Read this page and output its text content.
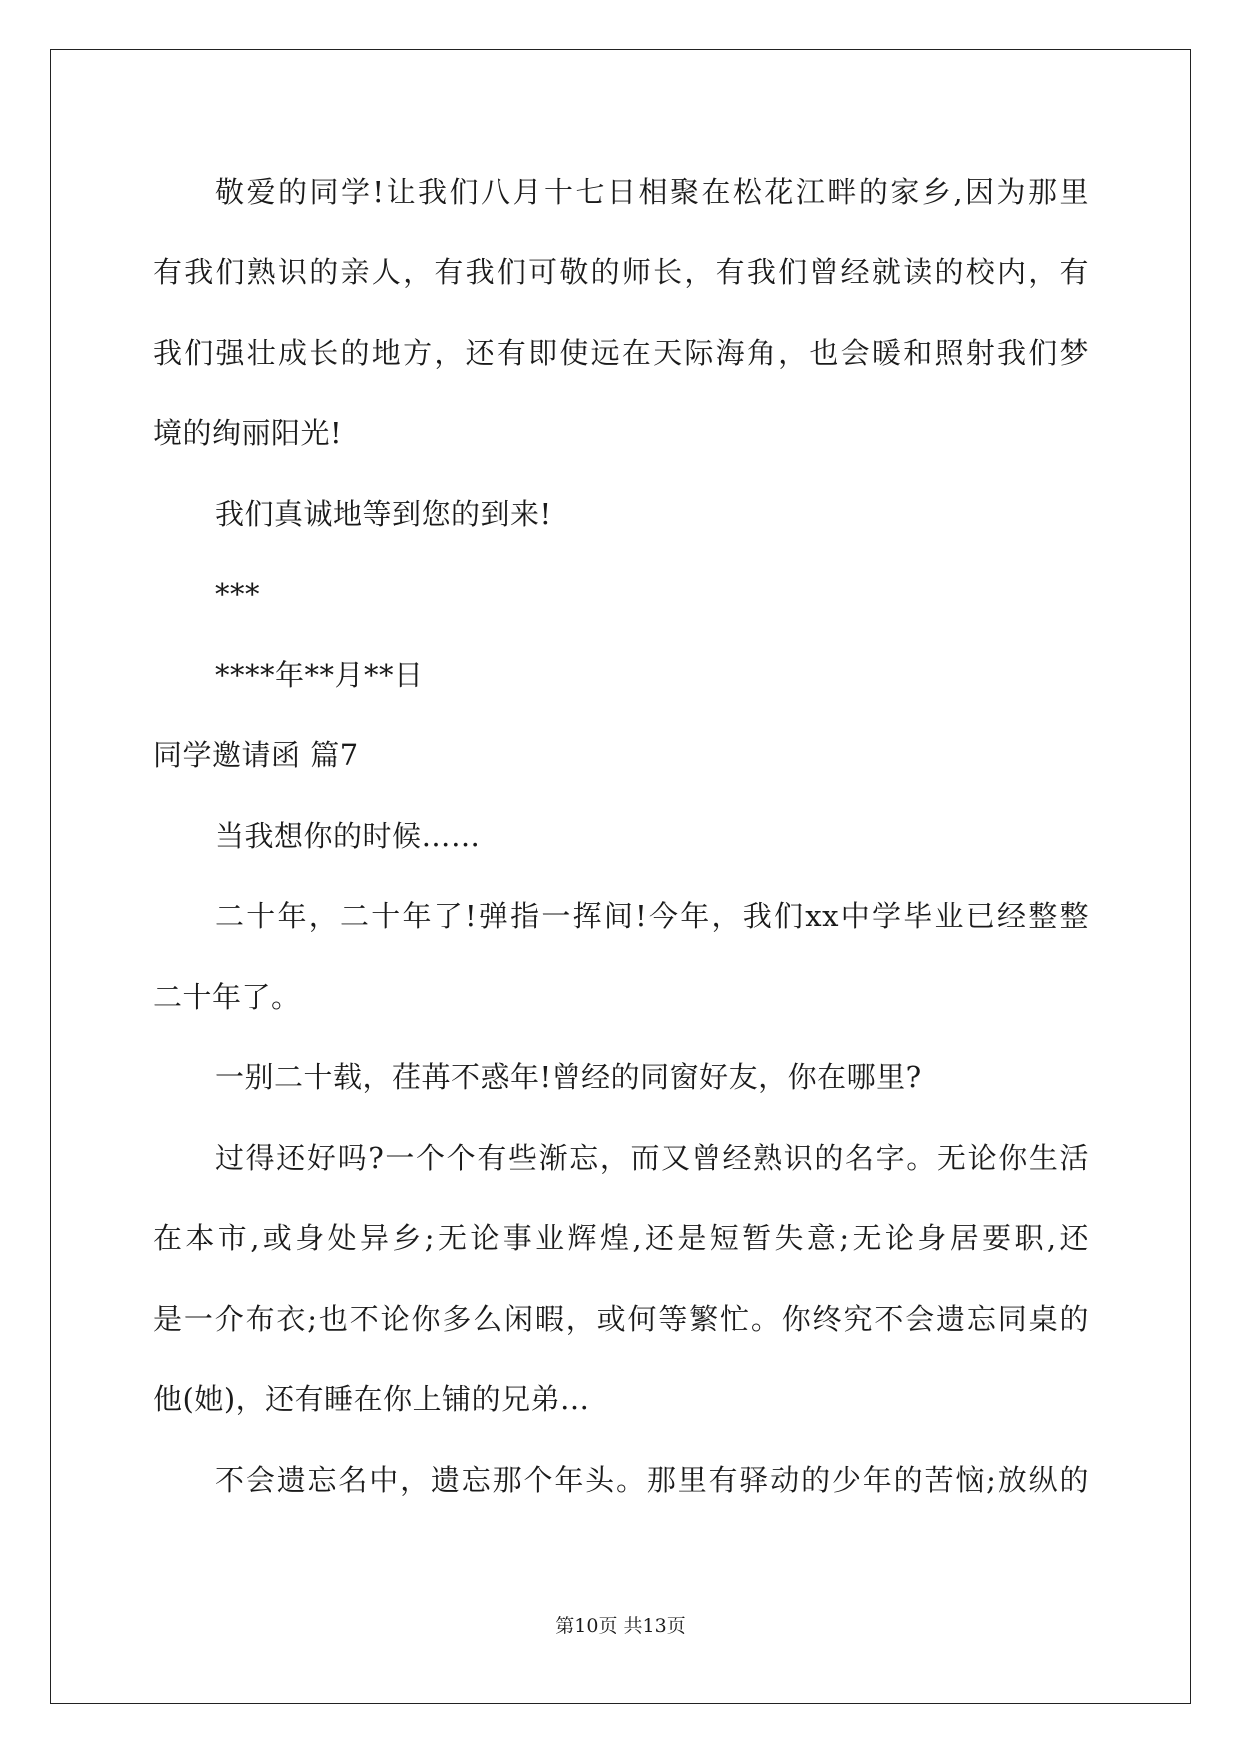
敬爱的同学!让我们八月十七日相聚在松花江畔的家乡,因为那里
有我们熟识的亲人，有我们可敬的师长，有我们曾经就读的校内，有
我们强壮成长的地方，还有即使远在天际海角，也会暖和照射我们梦
境的绚丽阳光!
我们真诚地等到您的到来!
***
****年**月**日
同学邀请函 篇7
当我想你的时候……
二十年，二十年了!弹指一挥间!今年，我们xx中学毕业已经整整
二十年了。
一别二十载，荏苒不惑年!曾经的同窗好友，你在哪里?
过得还好吗?一个个有些渐忘，而又曾经熟识的名字。无论你生活
在本市,或身处异乡;无论事业辉煌,还是短暂失意;无论身居要职,还
是一介布衣;也不论你多么闲暇，或何等繁忙。你终究不会遗忘同桌的
他(她)，还有睡在你上铺的兄弟...
不会遗忘名中，遗忘那个年头。那里有驿动的少年的苦恼;放纵的
第10页 共13页
